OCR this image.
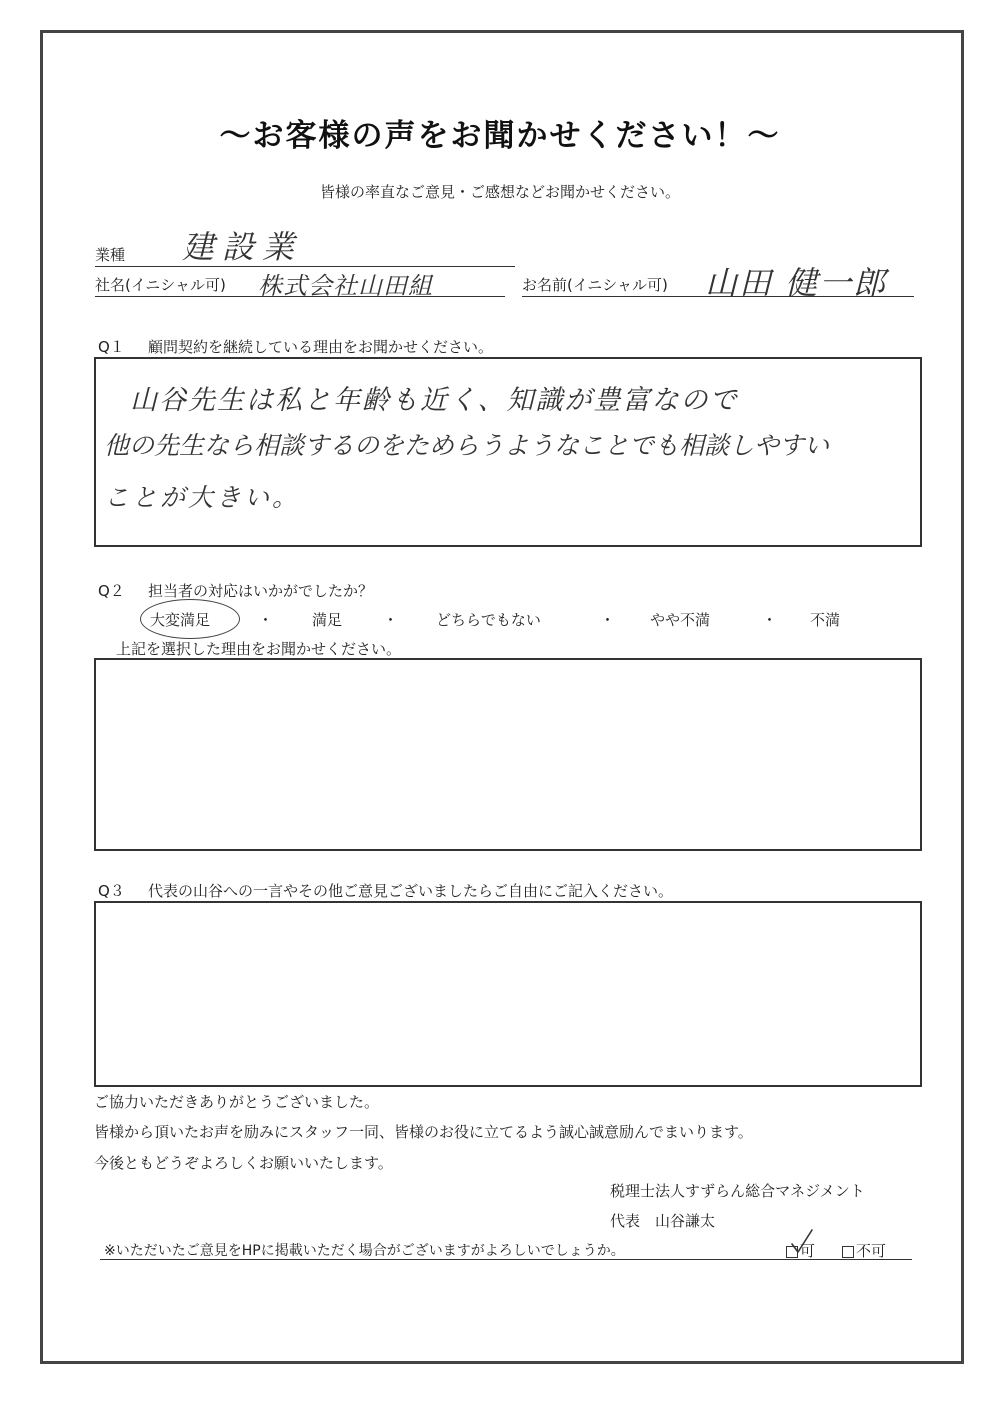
〜お客様の声をお聞かせください！〜
皆様の率直なご意見・ご感想などお聞かせください。
業種 建設業
社名(イニシャル可) 株式会社山田組	お名前(イニシャル可) 山田 健一郎
Q１ 顧問契約を継続している理由をお聞かせください。
山谷先生は私と年齢も近く、知識が豊富なので
他の先生なら相談するのをためらうようなことでも相談しやすい
ことが大きい。
Q２ 担当者の対応はいかがでしたか？
大変満足	・	満足	・	どちらでもない	・ やや不満	・ 不満
上記を選択した理由をお聞かせください。
Q３ 代表の山谷への一言やその他ご意見ございましたらご自由にご記入ください。
ご協力いただきありがとうございました。
皆様から頂いたお声を励みにスタッフ一同、皆様のお役に立てるよう誠心誠意励んでまいります。
今後ともどうぞよろしくお願いいたします。
税理士法人すずらん総合マネジメント
代表　山谷謙太
※いただいたご意見をHPに掲載いただく場合がございますがよろしいでしょうか。	可	不可
